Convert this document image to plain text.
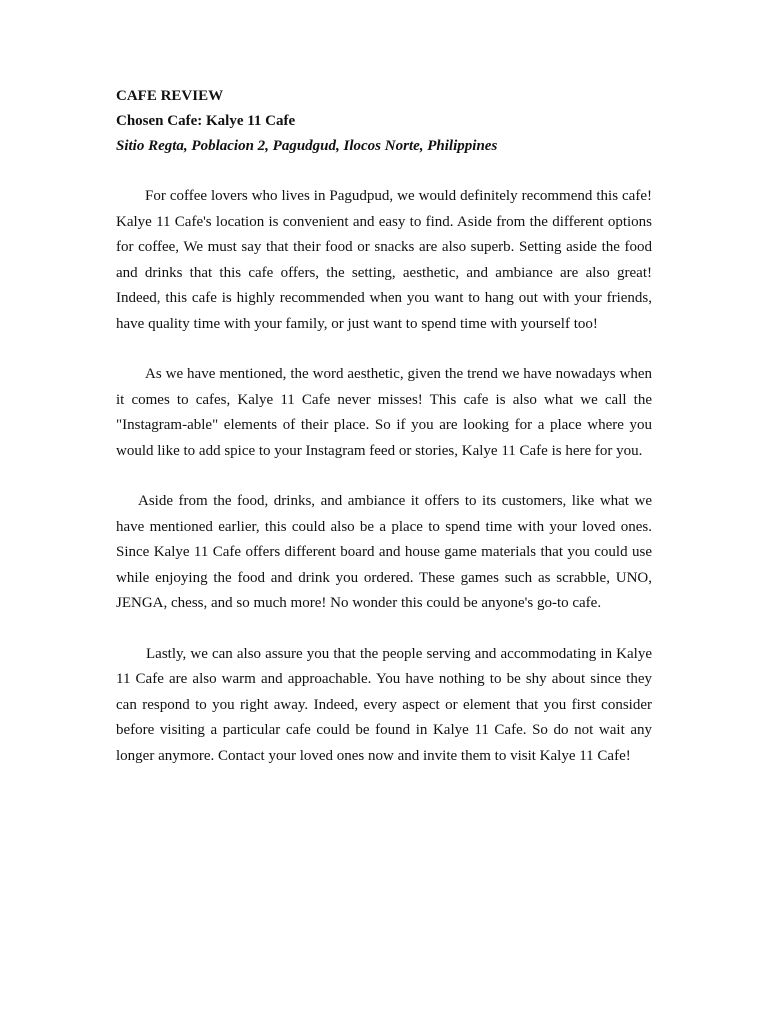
CAFE REVIEW

Chosen Cafe: Kalye 11 Cafe

Sitio Regta, Poblacion 2, Pagudgud, Ilocos Norte, Philippines

For coffee lovers who lives in Pagudpud, we would definitely recommend this cafe! Kalye 11 Cafe's location is convenient and easy to find. Aside from the different options for coffee, We must say that their food or snacks are also superb. Setting aside the food and drinks that this cafe offers, the setting, aesthetic, and ambiance are also great! Indeed, this cafe is highly recommended when you want to hang out with your friends, have quality time with your family, or just want to spend time with yourself too!

As we have mentioned, the word aesthetic, given the trend we have nowadays when it comes to cafes, Kalye 11 Cafe never misses! This cafe is also what we call the "Instagram-able" elements of their place. So if you are looking for a place where you would like to add spice to your Instagram feed or stories, Kalye 11 Cafe is here for you.

Aside from the food, drinks, and ambiance it offers to its customers, like what we have mentioned earlier, this could also be a place to spend time with your loved ones. Since Kalye 11 Cafe offers different board and house game materials that you could use while enjoying the food and drink you ordered. These games such as scrabble, UNO, JENGA, chess, and so much more! No wonder this could be anyone's go-to cafe.

Lastly, we can also assure you that the people serving and accommodating in Kalye 11 Cafe are also warm and approachable. You have nothing to be shy about since they can respond to you right away. Indeed, every aspect or element that you first consider before visiting a particular cafe could be found in Kalye 11 Cafe. So do not wait any longer anymore. Contact your loved ones now and invite them to visit Kalye 11 Cafe!
